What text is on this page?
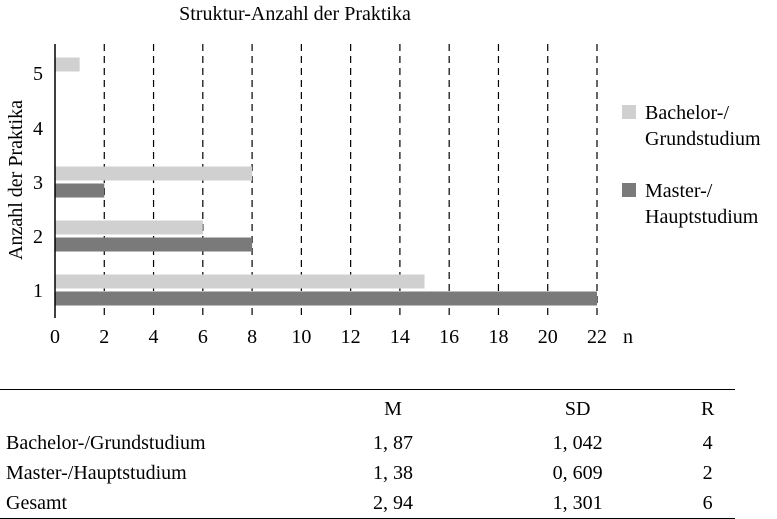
Struktur-Anzahl der Praktika
Anzahl der Praktika
n
1
2
3
4
5
0 2 4 6 8 10 12 14 16 18 20 22
Bachelor-/
Grundstudium
Master-/
Hauptstudium
	M	SD	R
Bachelor-/Grundstudium	1, 87	1, 042	4
Master-/Hauptstudium	1, 38	0, 609	2
Gesamt	2, 94	1, 301	6
